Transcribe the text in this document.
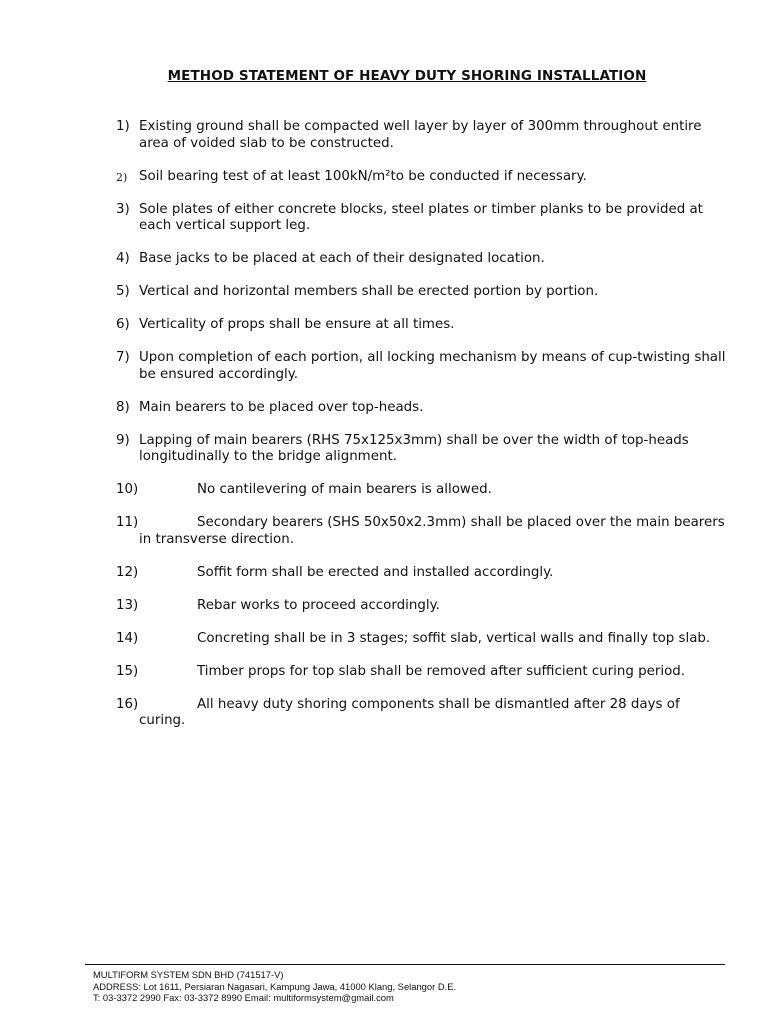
METHOD STATEMENT OF HEAVY DUTY SHORING INSTALLATION
1) Existing ground shall be compacted well layer by layer of 300mm throughout entire area of voided slab to be constructed.
2) Soil bearing test of at least 100kN/m²to be conducted if necessary.
3) Sole plates of either concrete blocks, steel plates or timber planks to be provided at each vertical support leg.
4) Base jacks to be placed at each of their designated location.
5) Vertical and horizontal members shall be erected portion by portion.
6) Verticality of props shall be ensure at all times.
7) Upon completion of each portion, all locking mechanism by means of cup-twisting shall be ensured accordingly.
8) Main bearers to be placed over top-heads.
9) Lapping of main bearers (RHS 75x125x3mm) shall be over the width of top-heads longitudinally to the bridge alignment.
10)	No cantilevering of main bearers is allowed.
11)	Secondary bearers (SHS 50x50x2.3mm) shall be placed over the main bearers in transverse direction.
12)	Soffit form shall be erected and installed accordingly.
13)	Rebar works to proceed accordingly.
14)	Concreting shall be in 3 stages; soffit slab, vertical walls and finally top slab.
15)	Timber props for top slab shall be removed after sufficient curing period.
16)	All heavy duty shoring components shall be dismantled after 28 days of curing.
MULTIFORM SYSTEM SDN BHD (741517-V)
ADDRESS: Lot 1611, Persiaran Nagasari, Kampung Jawa, 41000 Klang, Selangor D.E.
T: 03-3372 2990 Fax: 03-3372 8990 Email: multiformsystem@gmail.com
